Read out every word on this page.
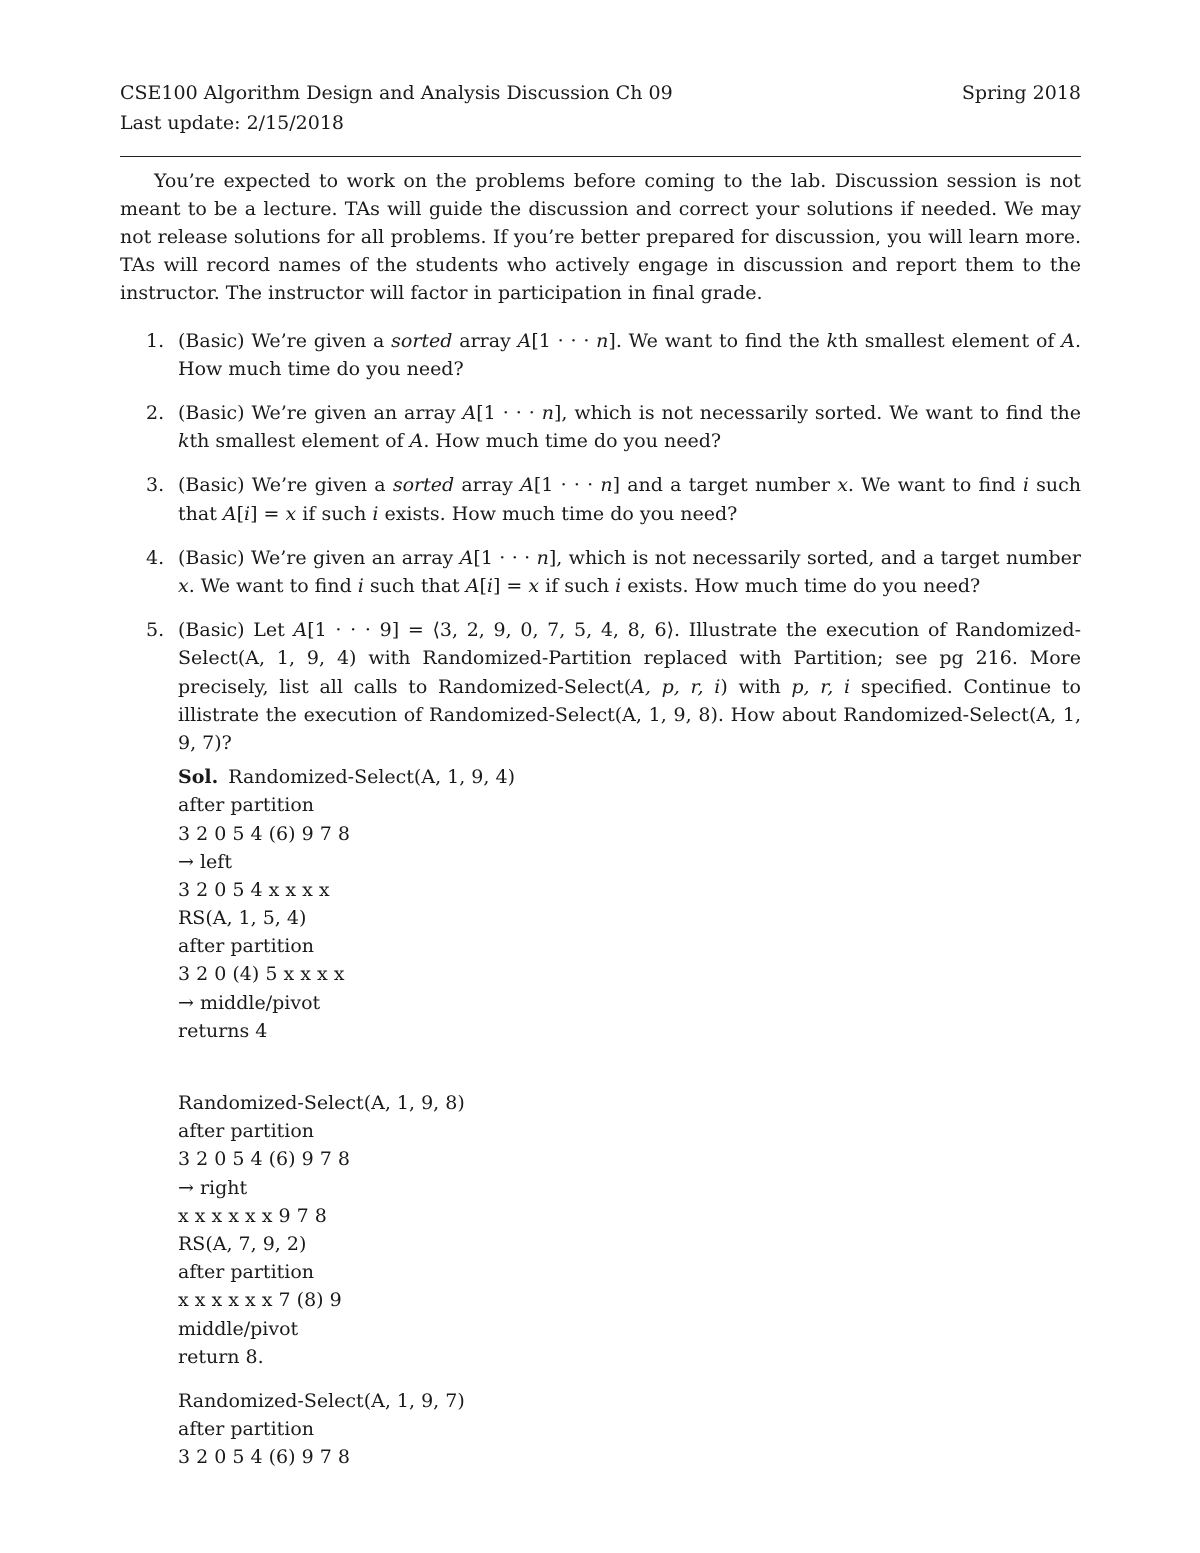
CSE100 Algorithm Design and Analysis Discussion Ch 09	Spring 2018
Last update: 2/15/2018

You’re expected to work on the problems before coming to the lab. Discussion session is not meant to be a lecture. TAs will guide the discussion and correct your solutions if needed. We may not release solutions for all problems. If you’re better prepared for discussion, you will learn more. TAs will record names of the students who actively engage in discussion and report them to the instructor. The instructor will factor in participation in final grade.

1. (Basic) We’re given a sorted array A[1 · · · n]. We want to find the kth smallest element of A. How much time do you need?
2. (Basic) We’re given an array A[1 · · · n], which is not necessarily sorted. We want to find the kth smallest element of A. How much time do you need?
3. (Basic) We’re given a sorted array A[1 · · · n] and a target number x. We want to find i such that A[i] = x if such i exists. How much time do you need?
4. (Basic) We’re given an array A[1 · · · n], which is not necessarily sorted, and a target number x. We want to find i such that A[i] = x if such i exists. How much time do you need?
5. (Basic) Let A[1 · · · 9] = ⟨3, 2, 9, 0, 7, 5, 4, 8, 6⟩. Illustrate the execution of Randomized-Select(A, 1, 9, 4) with Randomized-Partition replaced with Partition; see pg 216. More precisely, list all calls to Randomized-Select(A, p, r, i) with p, r, i specified. Continue to illistrate the execution of Randomized-Select(A, 1, 9, 8). How about Randomized-Select(A, 1, 9, 7)?
Sol. Randomized-Select(A, 1, 9, 4)
after partition
3 2 0 5 4 (6) 9 7 8
→ left
3 2 0 5 4 x x x x
RS(A, 1, 5, 4)
after partition
3 2 0 (4) 5 x x x x
→ middle/pivot
returns 4
Randomized-Select(A, 1, 9, 8)
after partition
3 2 0 5 4 (6) 9 7 8
→ right
x x x x x x 9 7 8
RS(A, 7, 9, 2)
after partition
x x x x x x 7 (8) 9
middle/pivot
return 8.
Randomized-Select(A, 1, 9, 7)
after partition
3 2 0 5 4 (6) 9 7 8
